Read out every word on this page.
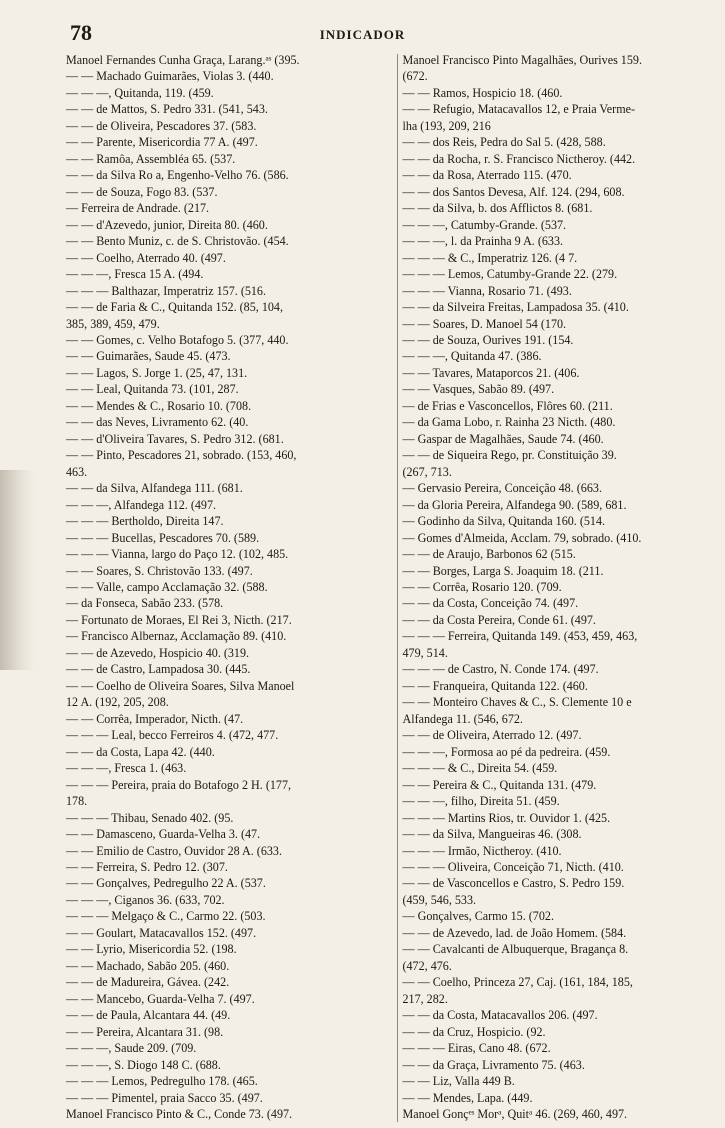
78	INDICADOR
Manoel Fernandes Cunha Graça, Larang.ᵃˢ (395.
— — Machado Guimarães, Violas 3. (440.
— — —, Quitanda, 119. (459.
— — de Mattos, S. Pedro 331. (541, 543.
— — de Oliveira, Pescadores 37. (583.
— — Parente, Misericordia 77 A. (497.
— — Ramôa, Assembléa 65. (537.
— — da Silva Ro a, Engenho-Velho 76. (586.
— — de Souza, Fogo 83. (537.
— Ferreira de Andrade. (217.
— — d'Azevedo, junior, Direita 80. (460.
— — Bento Muniz, c. de S. Christovão. (454.
— — Coelho, Aterrado 40. (497.
— — —, Fresca 15 A. (494.
— — — Balthazar, Imperatriz 157. (516.
— — de Faria & C., Quitanda 152. (85, 104,
385, 389, 459, 479.
— — Gomes, c. Velho Botafogo 5. (377, 440.
— — Guimarães, Saude 45. (473.
— — Lagos, S. Jorge 1. (25, 47, 131.
— — Leal, Quitanda 73. (101, 287.
— — Mendes & C., Rosario 10. (708.
— — das Neves, Livramento 62. (40.
— — d'Oliveira Tavares, S. Pedro 312. (681.
— — Pinto, Pescadores 21, sobrado. (153, 460,
463.
— — da Silva, Alfandega 111. (681.
— — —, Alfandega 112. (497.
— — — Bertholdo, Direita 147.
— — — Bucellas, Pescadores 70. (589.
— — — Vianna, largo do Paço 12. (102, 485.
— — Soares, S. Christovão 133. (497.
— — Valle, campo Acclamação 32. (588.
— da Fonseca, Sabão 233. (578.
— Fortunato de Moraes, El Rei 3, Nicth. (217.
— Francisco Albernaz, Acclamação 89. (410.
— — de Azevedo, Hospicio 40. (319.
— — de Castro, Lampadosa 30. (445.
— — Coelho de Oliveira Soares, Silva Manoel
12 A. (192, 205, 208.
— — Corrêa, Imperador, Nicth. (47.
— — — Leal, becco Ferreiros 4. (472, 477.
— — da Costa, Lapa 42. (440.
— — —, Fresca 1. (463.
— — — Pereira, praia do Botafogo 2 H. (177,
178.
— — — Thibau, Senado 402. (95.
— — Damasceno, Guarda-Velha 3. (47.
— — Emilio de Castro, Ouvidor 28 A. (633.
— — Ferreira, S. Pedro 12. (307.
— — Gonçalves, Pedregulho 22 A. (537.
— — —, Ciganos 36. (633, 702.
— — — Melgaço & C., Carmo 22. (503.
— — Goulart, Matacavallos 152. (497.
— — Lyrio, Misericordia 52. (198.
— — Machado, Sabão 205. (460.
— — de Madureira, Gávea. (242.
— — Mancebo, Guarda-Velha 7. (497.
— — de Paula, Alcantara 44. (49.
— — Pereira, Alcantara 31. (98.
— — —, Saude 209. (709.
— — —, S. Diogo 148 C. (688.
— — — Lemos, Pedregulho 178. (465.
— — — Pimentel, praia Sacco 35. (497.
Manoel Francisco Pinto & C., Conde 73. (497.
Manoel Francisco Pinto Magalhães, Ourives 159.
(672.
— — Ramos, Hospicio 18. (460.
— — Refugio, Matacavallos 12, e Praia Verme-
lha (193, 209, 216
— — dos Reis, Pedra do Sal 5. (428, 588.
— — da Rocha, r. S. Francisco Nictheroy. (442.
— — da Rosa, Aterrado 115. (470.
— — dos Santos Devesa, Alf. 124. (294, 608.
— — da Silva, b. dos Afflictos 8. (681.
— — —, Catumby-Grande. (537.
— — —, l. da Prainha 9 A. (633.
— — — & C., Imperatriz 126. (4 7.
— — — Lemos, Catumby-Grande 22. (279.
— — — Vianna, Rosario 71. (493.
— — da Silveira Freitas, Lampadosa 35. (410.
— — Soares, D. Manoel 54 (170.
— — de Souza, Ourives 191. (154.
— — —, Quitanda 47. (386.
— — Tavares, Mataporcos 21. (406.
— — Vasques, Sabão 89. (497.
— de Frias e Vasconcellos, Flôres 60. (211.
— da Gama Lobo, r. Rainha 23 Nicth. (480.
— Gaspar de Magalhães, Saude 74. (460.
— — de Siqueira Rego, pr. Constituição 39.
(267, 713.
— Gervasio Pereira, Conceição 48. (663.
— da Gloria Pereira, Alfandega 90. (589, 681.
— Godinho da Silva, Quitanda 160. (514.
— Gomes d'Almeida, Acclam. 79, sobrado. (410.
— — de Araujo, Barbonos 62 (515.
— — Borges, Larga S. Joaquim 18. (211.
— — Corrêa, Rosario 120. (709.
— — da Costa, Conceição 74. (497.
— — da Costa Pereira, Conde 61. (497.
— — — Ferreira, Quitanda 149. (453, 459, 463,
479, 514.
— — — de Castro, N. Conde 174. (497.
— — Franqueira, Quitanda 122. (460.
— — Monteiro Chaves & C., S. Clemente 10 e
Alfandega 11. (546, 672.
— — de Oliveira, Aterrado 12. (497.
— — —, Formosa ao pé da pedreira. (459.
— — — & C., Direita 54. (459.
— — Pereira & C., Quitanda 131. (479.
— — —, filho, Direita 51. (459.
— — — Martins Rios, tr. Ouvidor 1. (425.
— — da Silva, Mangueiras 46. (308.
— — — Irmão, Nictheroy. (410.
— — — Oliveira, Conceição 71, Nicth. (410.
— — de Vasconcellos e Castro, S. Pedro 159.
(459, 546, 533.
— Gonçalves, Carmo 15. (702.
— — de Azevedo, lad. de João Homem. (584.
— — Cavalcanti de Albuquerque, Bragança 8.
(472, 476.
— — Coelho, Princeza 27, Caj. (161, 184, 185,
217, 282.
— — da Costa, Matacavallos 206. (497.
— — da Cruz, Hospicio. (92.
— — — Eiras, Cano 48. (672.
— — da Graça, Livramento 75. (463.
— — Liz, Valla 449 B.
— — Mendes, Lapa. (449.
Manoel Gonçᵉˢ Morᵃ, Quitᵃ 46. (269, 460, 497.
